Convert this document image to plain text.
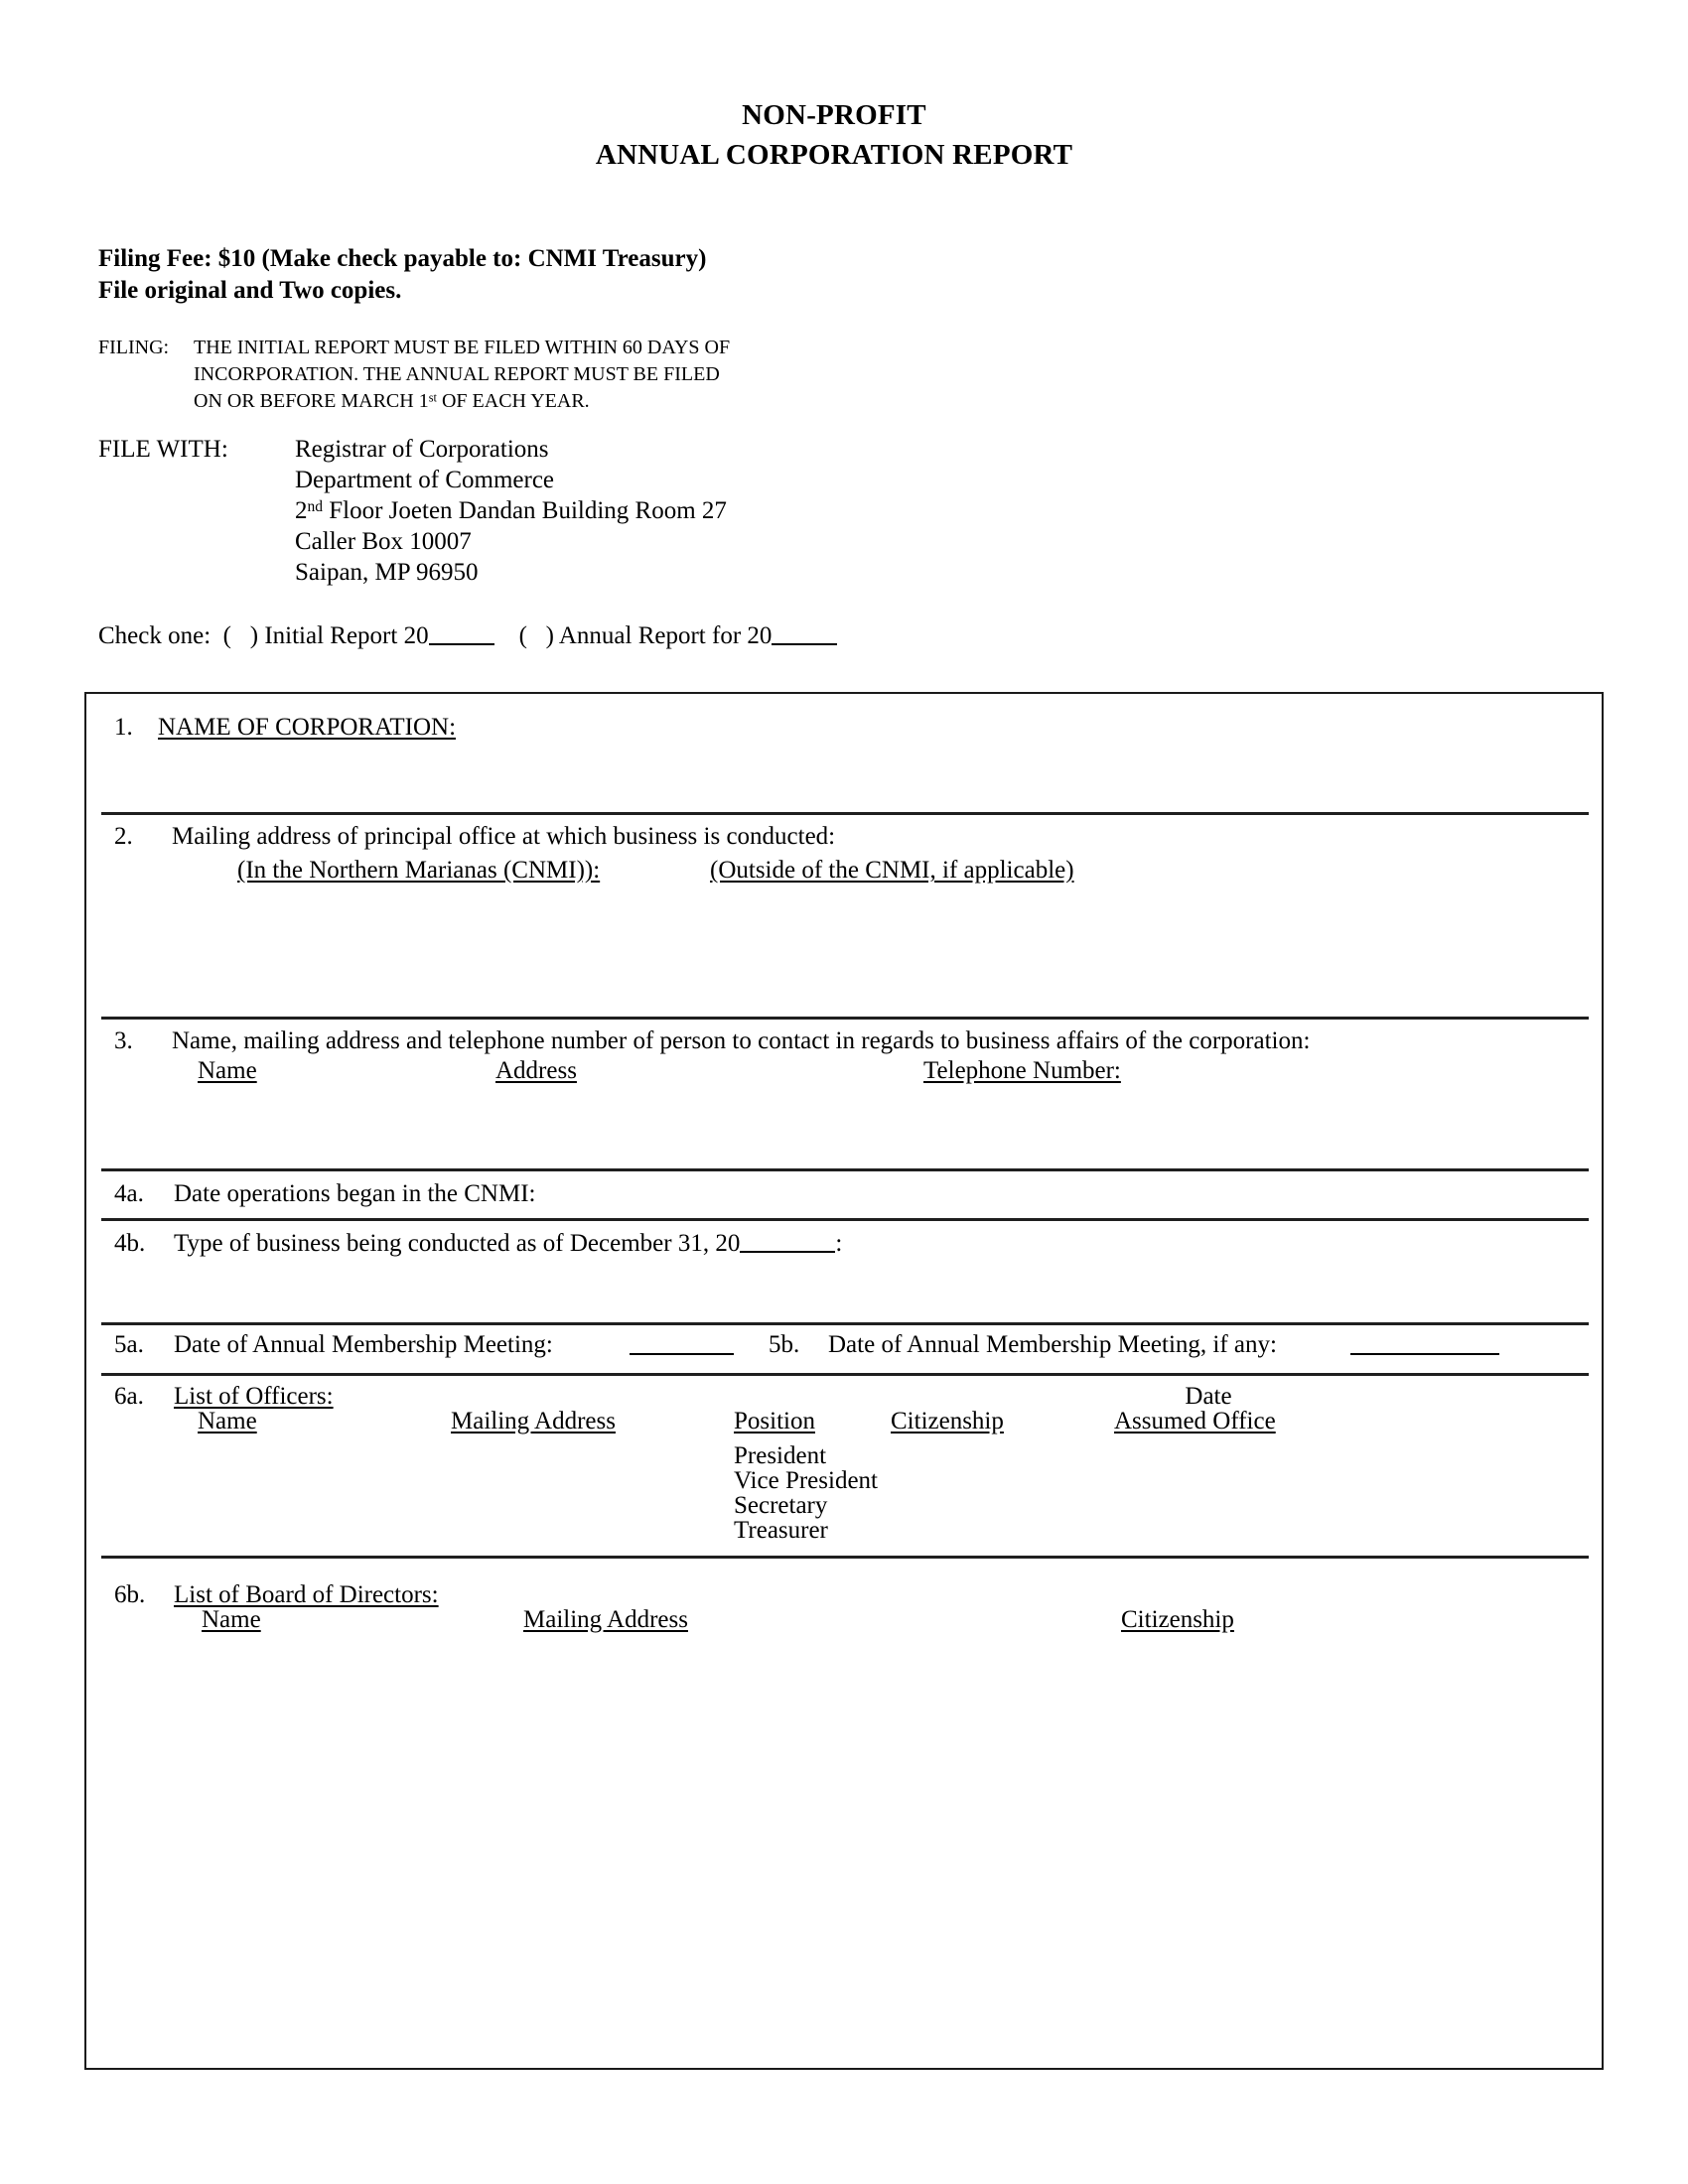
NON-PROFIT
ANNUAL CORPORATION REPORT
Filing Fee: $10 (Make check payable to: CNMI Treasury)
File original and Two copies.
FILING:	THE INITIAL REPORT MUST BE FILED WITHIN 60 DAYS OF
INCORPORATION. THE ANNUAL REPORT MUST BE FILED
ON OR BEFORE MARCH 1st OF EACH YEAR.
FILE WITH:	Registrar of Corporations
Department of Commerce
2nd Floor Joeten Dandan Building Room 27
Caller Box 10007
Saipan, MP 96950
Check one: (   ) Initial Report 20	(   ) Annual Report for 20
1. NAME OF CORPORATION:
2. Mailing address of principal office at which business is conducted:
(In the Northern Marianas (CNMI)):	(Outside of the CNMI, if applicable)
3. Name, mailing address and telephone number of person to contact in regards to business affairs of the corporation:
Name	Address	Telephone Number:
4a. Date operations began in the CNMI:
4b. Type of business being conducted as of December 31, 20	:
5a. Date of Annual Membership Meeting:	5b. Date of Annual Membership Meeting, if any:
6a. List of Officers:	Date
Name	Mailing Address	Position	Citizenship	Assumed Office
President
Vice President
Secretary
Treasurer
6b. List of Board of Directors:
Name	Mailing Address	Citizenship
